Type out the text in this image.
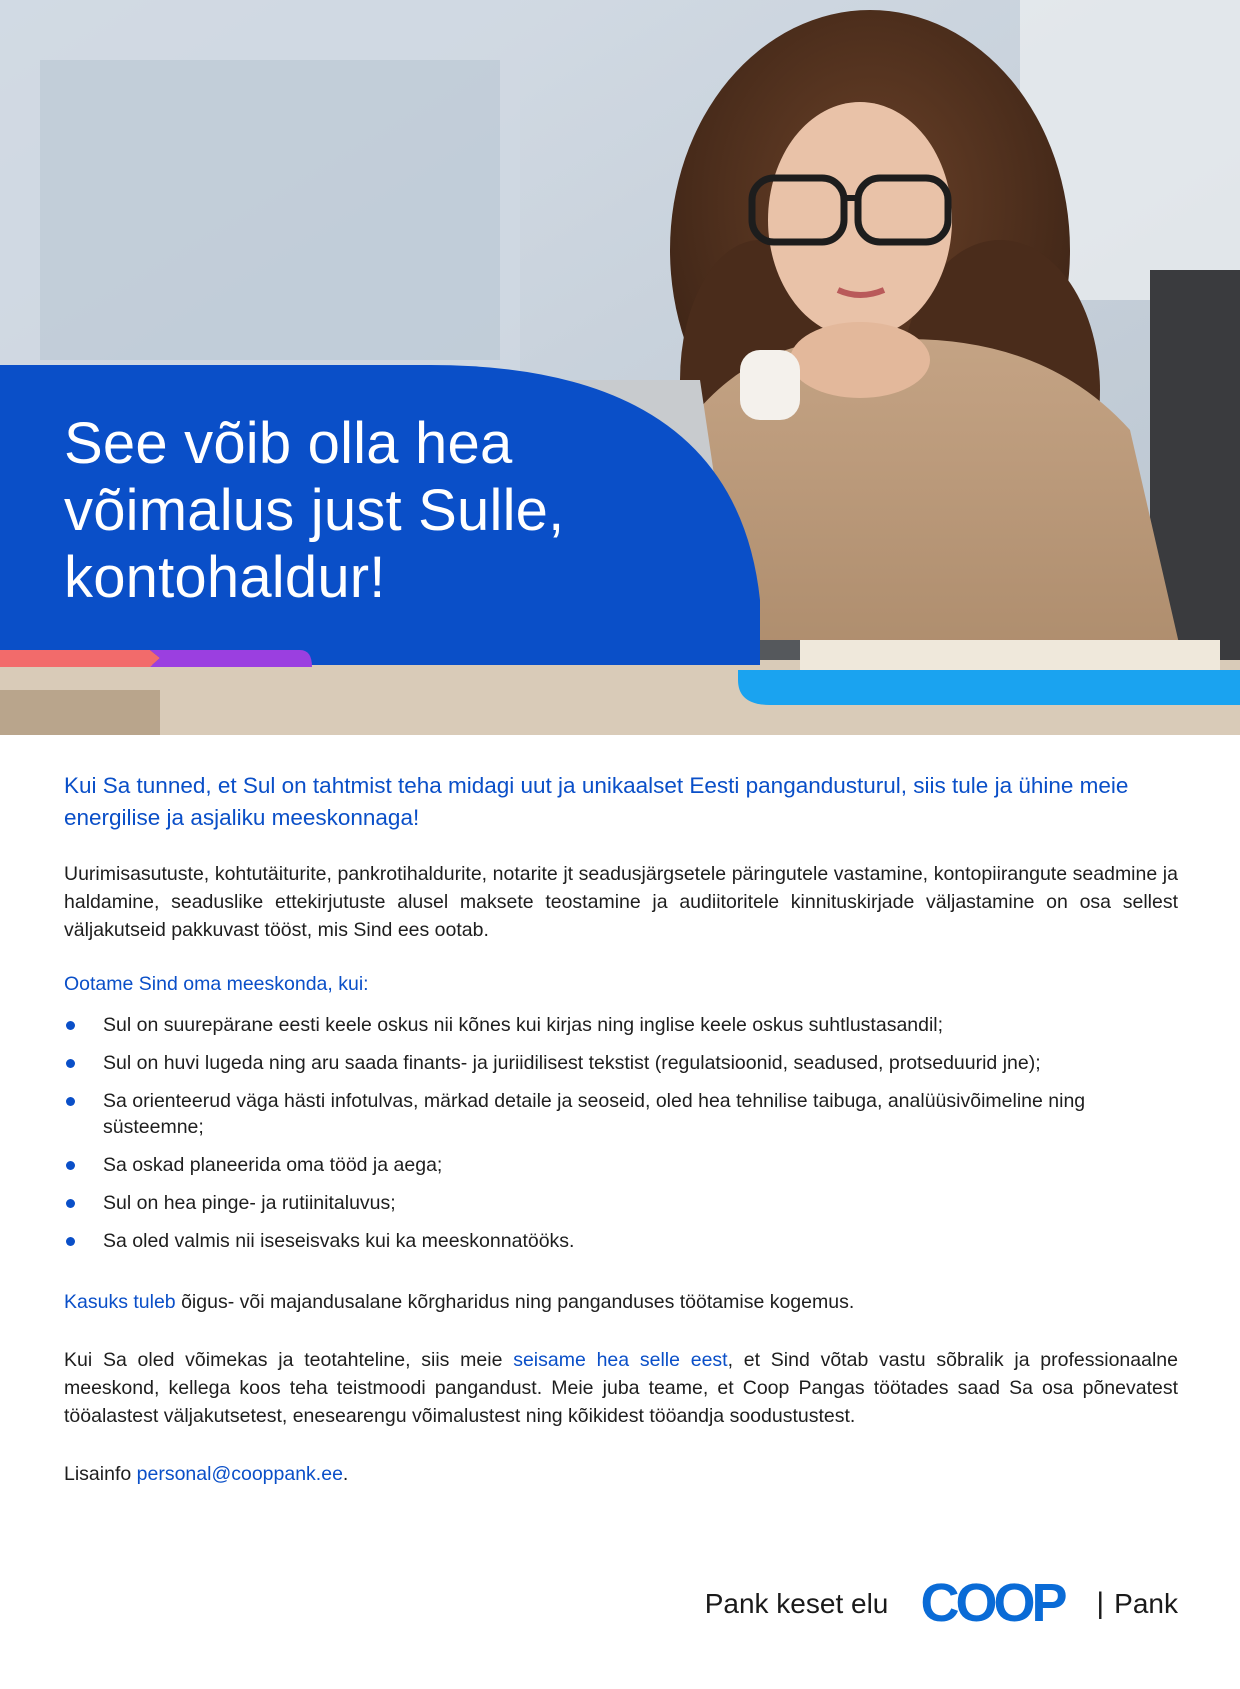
See võib olla hea
võimalus just Sulle,
kontohaldur!

Kui Sa tunned, et Sul on tahtmist teha midagi uut ja unikaalset Eesti pangandusturul, siis tule ja ühine meie energilise ja asjaliku meeskonnaga!

Uurimisasutuste, kohtutäiturite, pankrotihaldurite, notarite jt seadusjärgsetele päringutele vastamine, kontopiirangute seadmine ja haldamine, seaduslike ettekirjutuste alusel maksete teostamine ja audiitoritele kinnituskirjade väljastamine on osa sellest väljakutseid pakkuvast tööst, mis Sind ees ootab.

Ootame Sind oma meeskonda, kui:

Sul on suurepärane eesti keele oskus nii kõnes kui kirjas ning inglise keele oskus suhtlustasandil;
Sul on huvi lugeda ning aru saada finants- ja juriidilisest tekstist (regulatsioonid, seadused, protseduurid jne);
Sa orienteerud väga hästi infotulvas, märkad detaile ja seoseid, oled hea tehnilise taibuga, analüüsivõimeline ning süsteemne;
Sa oskad planeerida oma tööd ja aega;
Sul on hea pinge- ja rutiinitaluvus;
Sa oled valmis nii iseseisvaks kui ka meeskonnatööks.

Kasuks tuleb õigus- või majandusalane kõrgharidus ning panganduses töötamise kogemus.

Kui Sa oled võimekas ja teotahteline, siis meie seisame hea selle eest, et Sind võtab vastu sõbralik ja professionaalne meeskond, kellega koos teha teistmoodi pangandust. Meie juba teame, et Coop Pangas töötades saad Sa osa põnevatest tööalastest väljakutsetest, enesearengu võimalustest ning kõikidest tööandja soodustustest.

Lisainfo personal@cooppank.ee.

Pank keset elu COOP | Pank
